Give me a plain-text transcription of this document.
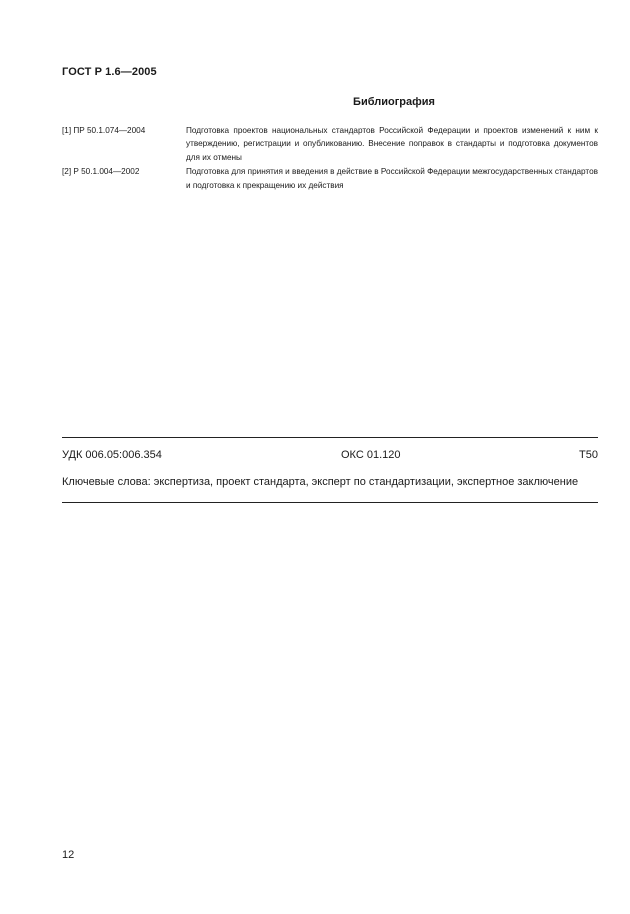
ГОСТ Р 1.6—2005
Библиография
[1] ПР 50.1.074—2004	Подготовка проектов национальных стандартов Российской Федерации и проектов изменений к ним к утверждению, регистрации и опубликованию. Внесение поправок в стандарты и подготовка документов для их отмены
[2] Р 50.1.004—2002	Подготовка для принятия и введения в действие в Российской Федерации межгосударственных стандартов и подготовка к прекращению их действия
УДК 006.05:006.354	ОКС 01.120	Т50
Ключевые слова: экспертиза, проект стандарта, эксперт по стандартизации, экспертное заключение
12
